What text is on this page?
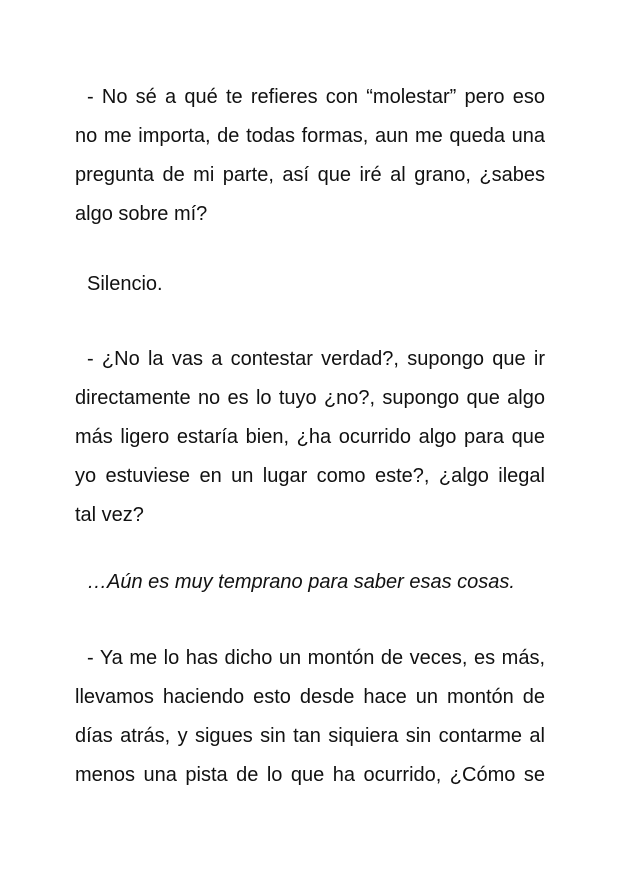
- No sé a qué te refieres con “molestar” pero eso
no me importa, de todas formas, aun me queda una
pregunta de mi parte, así que iré al grano, ¿sabes
algo sobre mí?
Silencio.
- ¿No la vas a contestar verdad?, supongo que ir
directamente no es lo tuyo ¿no?, supongo que algo
más ligero estaría bien, ¿ha ocurrido algo para que
yo estuviese en un lugar como este?, ¿algo ilegal
tal vez?
…Aún es muy temprano para saber esas cosas.
- Ya me lo has dicho un montón de veces, es más,
llevamos haciendo esto desde hace un montón de
días atrás, y sigues sin tan siquiera sin contarme al
menos una pista de lo que ha ocurrido, ¿Cómo se
